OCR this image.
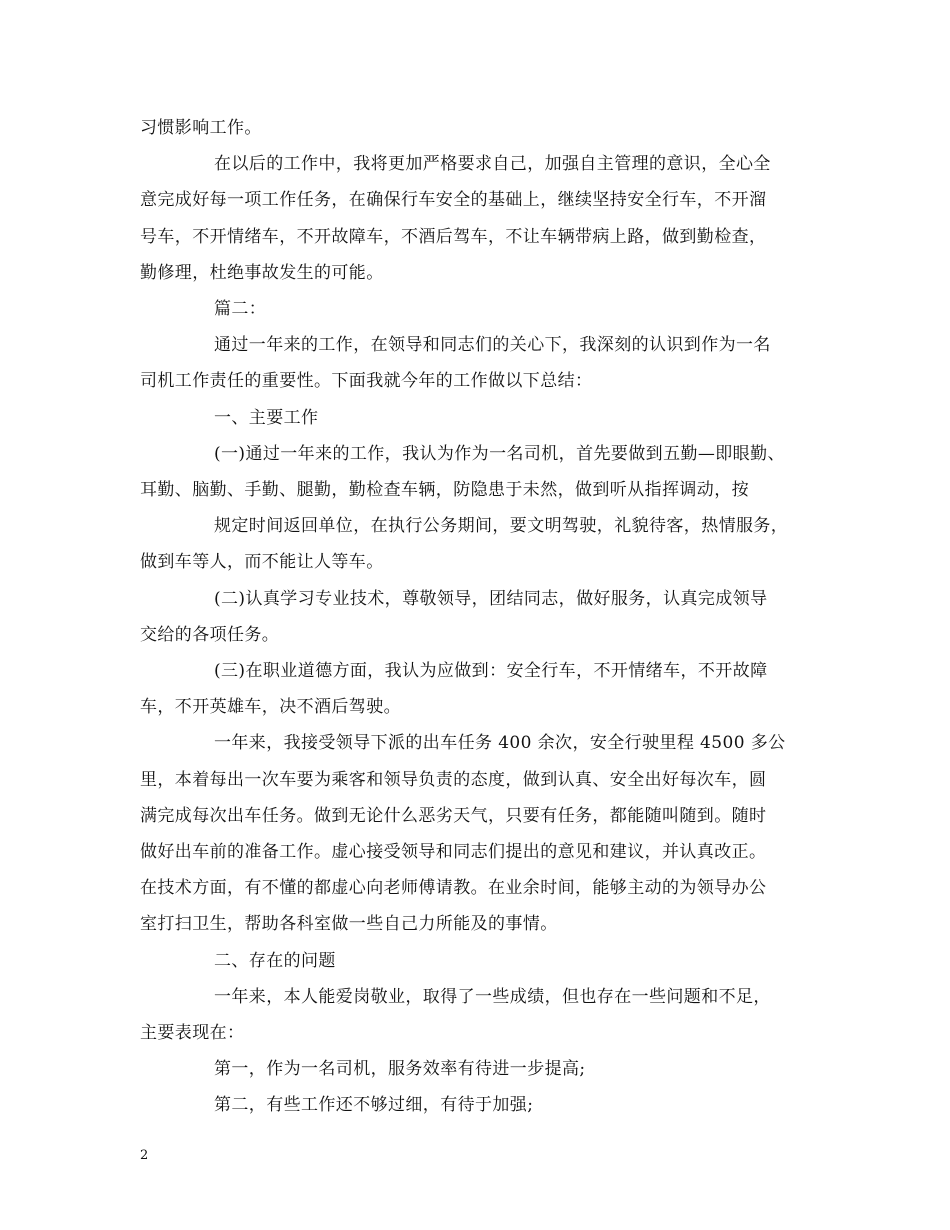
习惯影响工作。
在以后的工作中，我将更加严格要求自己，加强自主管理的意识，全心全
意完成好每一项工作任务，在确保行车安全的基础上，继续坚持安全行车，不开溜
号车，不开情绪车，不开故障车，不酒后驾车，不让车辆带病上路，做到勤检查，
勤修理，杜绝事故发生的可能。
篇二：
通过一年来的工作，在领导和同志们的关心下，我深刻的认识到作为一名
司机工作责任的重要性。下面我就今年的工作做以下总结：
一、主要工作
(一)通过一年来的工作，我认为作为一名司机，首先要做到五勤—即眼勤、
耳勤、脑勤、手勤、腿勤，勤检查车辆，防隐患于未然，做到听从指挥调动，按
规定时间返回单位，在执行公务期间，要文明驾驶，礼貌待客，热情服务，
做到车等人，而不能让人等车。
(二)认真学习专业技术，尊敬领导，团结同志，做好服务，认真完成领导
交给的各项任务。
(三)在职业道德方面，我认为应做到：安全行车，不开情绪车，不开故障
车，不开英雄车，决不酒后驾驶。
一年来，我接受领导下派的出车任务 400 余次，安全行驶里程 4500 多公
里，本着每出一次车要为乘客和领导负责的态度，做到认真、安全出好每次车，圆
满完成每次出车任务。做到无论什么恶劣天气，只要有任务，都能随叫随到。随时
做好出车前的准备工作。虚心接受领导和同志们提出的意见和建议，并认真改正。
在技术方面，有不懂的都虚心向老师傅请教。在业余时间，能够主动的为领导办公
室打扫卫生，帮助各科室做一些自己力所能及的事情。
二、存在的问题
一年来，本人能爱岗敬业，取得了一些成绩，但也存在一些问题和不足，
主要表现在：
第一，作为一名司机，服务效率有待进一步提高;
第二，有些工作还不够过细，有待于加强;
2
